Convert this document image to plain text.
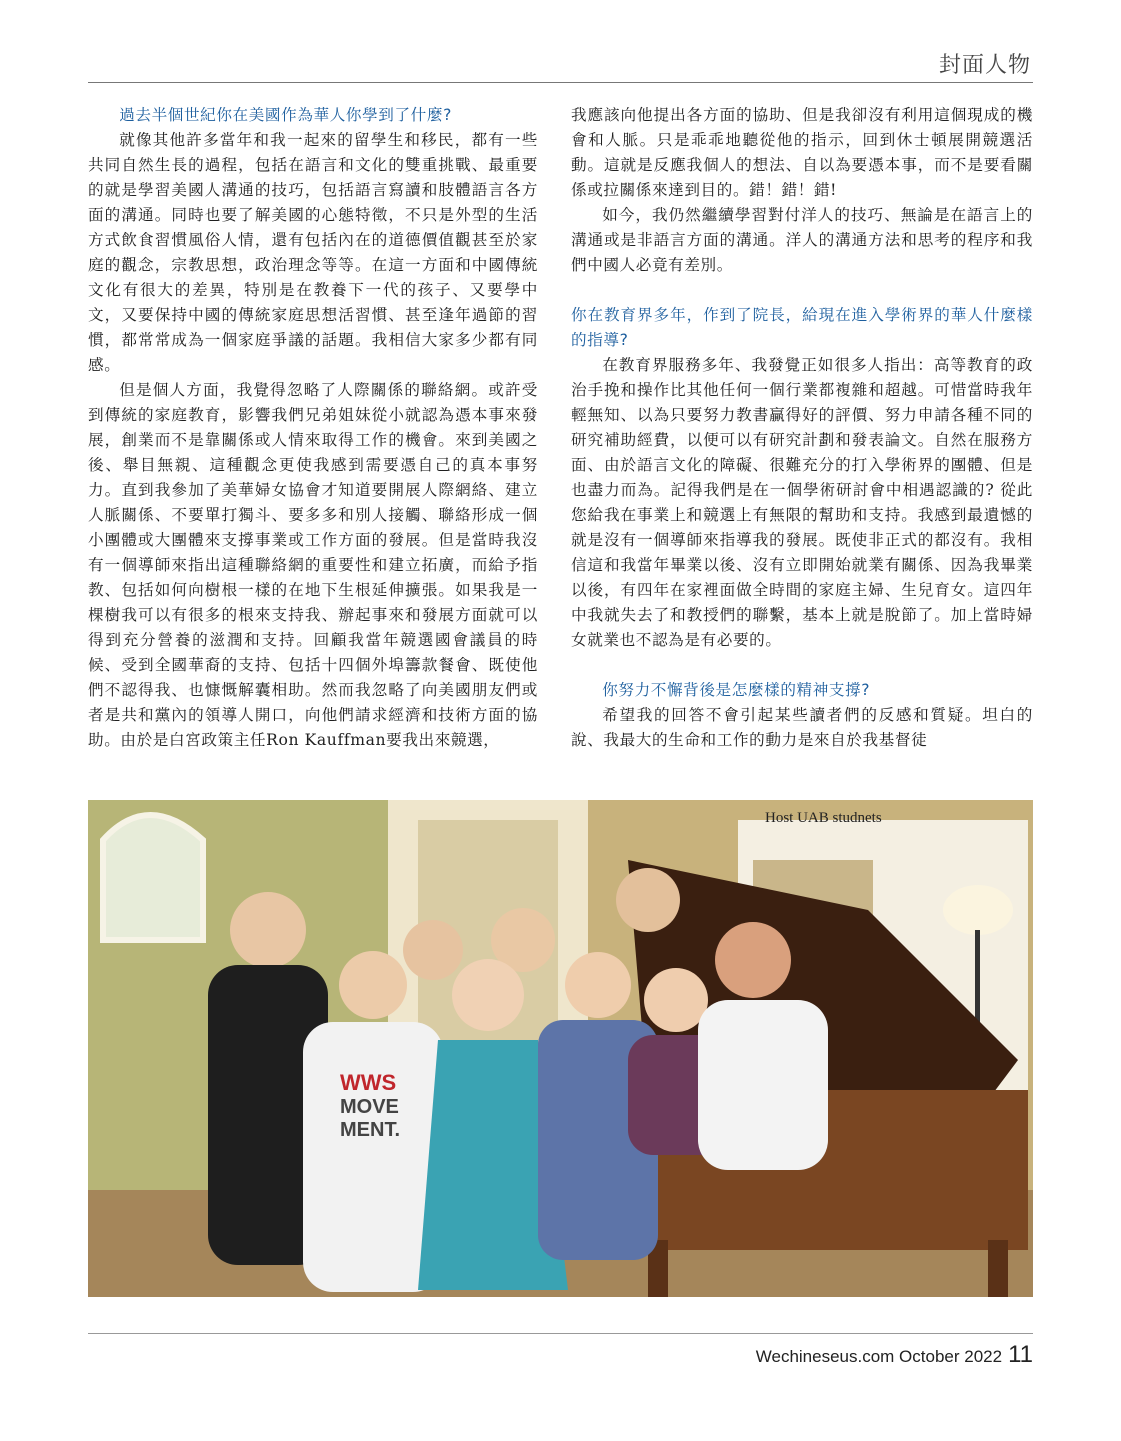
封面人物
過去半個世紀你在美國作為華人你學到了什麼?

就像其他許多當年和我一起來的留學生和移民，都有一些共同自然生長的過程，包括在語言和文化的雙重挑戰、最重要的就是學習美國人溝通的技巧，包括語言寫讀和肢體語言各方面的溝通。同時也要了解美國的心態特徵，不只是外型的生活方式飲食習慣風俗人情，還有包括內在的道德價值觀甚至於家庭的觀念，宗教思想，政治理念等等。在這一方面和中國傳統文化有很大的差異，特別是在教養下一代的孩子、又要學中文，又要保持中國的傳統家庭思想活習慣、甚至逢年過節的習慣，都常常成為一個家庭爭議的話題。我相信大家多少都有同感。

但是個人方面，我覺得忽略了人際關係的聯絡網。或許受到傳統的家庭教育，影響我們兄弟姐妹從小就認為憑本事來發展，創業而不是靠關係或人情來取得工作的機會。來到美國之後、舉目無親、這種觀念更使我感到需要憑自己的真本事努力。直到我參加了美華婦女協會才知道要開展人際網絡、建立人脈關係、不要單打獨斗、要多多和別人接觸、聯絡形成一個小團體或大團體來支撐事業或工作方面的發展。但是當時我沒有一個導師來指出這種聯絡網的重要性和建立拓廣，而給予指教、包括如何向樹根一樣的在地下生根延伸擴張。如果我是一棵樹我可以有很多的根來支持我、辦起事來和發展方面就可以得到充分營養的滋潤和支持。回顧我當年競選國會議員的時候、受到全國華裔的支持、包括十四個外埠籌款餐會、既使他們不認得我、也慷慨解囊相助。然而我忽略了向美國朋友們或者是共和黨內的領導人開口，向他們請求經濟和技術方面的協助。由於是白宮政策主任Ron Kauffman要我出來競選，

我應該向他提出各方面的協助、但是我卻沒有利用這個現成的機會和人脈。只是乖乖地聽從他的指示，回到休士頓展開競選活動。這就是反應我個人的想法、自以為要憑本事，而不是要看關係或拉關係來達到目的。錯！錯！錯!

如今，我仍然繼續學習對付洋人的技巧、無論是在語言上的溝通或是非語言方面的溝通。洋人的溝通方法和思考的程序和我們中國人必竟有差別。

你在教育界多年，作到了院長，給現在進入學術界的華人什麼樣的指導?

在教育界服務多年、我發覺正如很多人指出：高等教育的政治手挽和操作比其他任何一個行業都複雜和超越。可惜當時我年輕無知、以為只要努力教書贏得好的評價、努力申請各種不同的研究補助經費，以便可以有研究計劃和發表論文。自然在服務方面、由於語言文化的障礙、很難充分的打入學術界的團體、但是也盡力而為。記得我們是在一個學術研討會中相遇認識的? 從此您給我在事業上和競選上有無限的幫助和支持。我感到最遺憾的就是沒有一個導師來指導我的發展。既使非正式的都沒有。我相信這和我當年畢業以後、沒有立即開始就業有關係、因為我畢業以後，有四年在家裡面做全時間的家庭主婦、生兒育女。這四年中我就失去了和教授們的聯繫，基本上就是脫節了。加上當時婦女就業也不認為是有必要的。

你努力不懈背後是怎麼樣的精神支撐?

希望我的回答不會引起某些讀者們的反感和質疑。坦白的說、我最大的生命和工作的動力是來自於我基督徒

WWS
MOVE
MENT.
Host UAB studnets
Wechineseus.com October 2022 11
